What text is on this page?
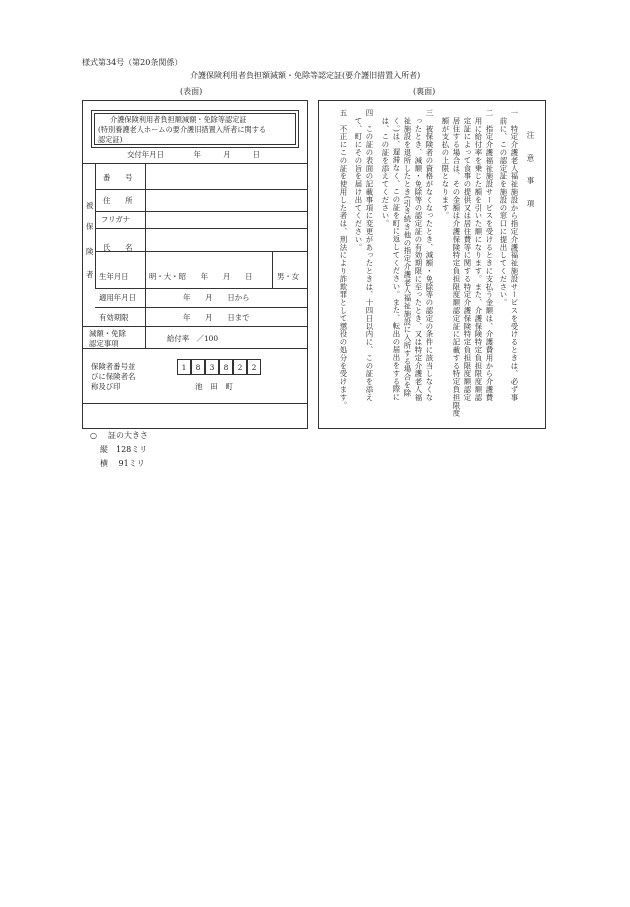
様式第34号（第20条関係）
介護保険利用者負担額減額・免除等認定証(要介護旧措置入所者)
(表面)	(裏面)
介護保険利用者負担額減額・免除等認定証
(特別養護老人ホームの要介護旧措置入所者に関する
認定証)
交付年月日　　　　年　　　月　　　日
被
保
険
者
番　　号
住　　所
フリガナ
氏　　名
生年月日	明・大・昭　　年　　月　　日	男・女
適用年月日	年　　月　　日から
有効期限	年　　月　　日まで
減額・免除
認定事項
給付率　／100
保険者番号並
びに保険者名
称及び印
1	8	3	8	2	2
池　田　町
注　意　事　項
一　特定介護老人福祉施設から指定介護福祉施設サービスを受けるときは、必ず事
　前に、この認定証を施設の窓口に提出してください。
二　指定介護福祉施設サービスを受けるときに支払う金額は、介護費用から介護費
　用に給付率を乗じた額を引いた額になります。また、介護保険特定負担限度額認
　定証によって食事の提供又は居住費等に関する特定介護保険特定負担限度額認定
　居住する場合は、その金額は介護保険特定負担限度額認定証に記載する特定負担限度
　額が支払の上限となります。
三　被保険者の資格がなくなったとき、減額・免除等の認定の条件に該当しなくな
　ったとき、減額・免除等の認定証の有効期限に至ったとき、又は特定介護老人福
　祉施設を退所したとき(引き続き他の指定介護老人福祉施設に入所する場合を除
　く。)は、遅滞なく、この証を町に返してください。また、転出の届出をする際に
　は、この証を添えてください。
四　この証の表面の記載事項に変更があったときは、十四日以内に、この証を添え
　て、町にその旨を届け出てください。
五　不正にこの証を使用した者は、刑法により詐欺罪として懲役の処分を受けます。
○ 証の大きさ
縦　128ミリ
横　 91ミリ
